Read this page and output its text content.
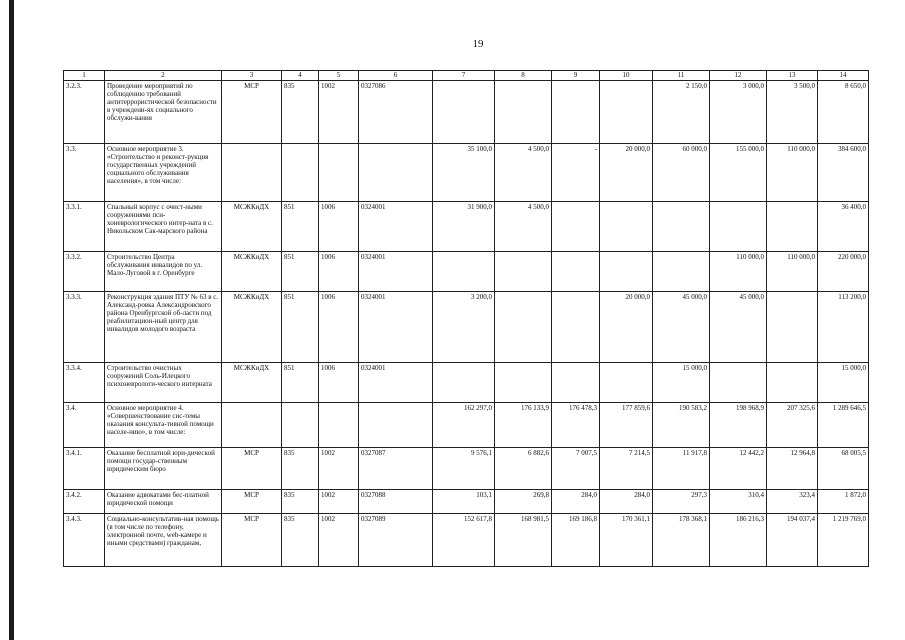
19
1	2	3	4	5	6	7	8	9	10	11	12	13	14
3.2.3.	Проведение мероприятий по соблюдению требований антитеррористической безопасности в учреждени-ях социального обслужи-вания	МСР	835	1002	0327086					2 150,0	3 000,0	3 500,0	8 650,0
3.3.	Основное мероприятие 3. «Строительство и реконст-рукция государственных учреждений социального обслуживания населения», в том числе:					35 100,0	4 500,0	-	20 000,0	60 000,0	155 000,0	110 000,0	384 600,0
3.3.1.	Спальный корпус с очист-ными сооружениями пси-хоневрологического интер-ната в с. Никольском Сак-марского района	МСЖКиДХ	851	1006	0324001	31 900,0	4 500,0						36 400,0
3.3.2.	Строительство Центра обслуживания инвалидов по ул. Мало-Луговой в г. Оренбурге	МСЖКиДХ	851	1006	0324001						110 000,0	110 000,0	220 000,0
3.3.3.	Реконструкция здания ПТУ № 63 в с. Александ-ровка Александровского района Оренбургской об-ласти под реабилитацион-ный центр для инвалидов молодого возраста	МСЖКиДХ	851	1006	0324001	3 200,0			20 000,0	45 000,0	45 000,0		113 200,0
3.3.4.	Строительство очистных сооружений Соль-Илецкого психоневрологи-ческого интерната	МСЖКиДХ	851	1006	0324001					15 000,0			15 000,0
3.4.	Основное мероприятие 4. «Совершенствование сис-темы оказания консульта-тивной помощи населе-нию», в том числе:					162 297,0	176 133,9	176 478,3	177 859,6	190 583,2	198 968,9	207 325,6	1 289 646,5
3.4.1.	Оказание бесплатной юри-дической помощи государ-ственным юридическим бюро	МСР	835	1002	0327087	9 576,1	6 882,6	7 007,5	7 214,5	11 917,8	12 442,2	12 964,8	68 005,5
3.4.2.	Оказание адвокатами бес-платной юридической помощи	МСР	835	1002	0327088	103,1	269,8	284,0	284,0	297,3	310,4	323,4	1 872,0
3.4.3.	Социально-консультатив-ная помощь (в том числе по телефону, электронной почте, web-камере и иными средствами) гражданам,	МСР	835	1002	0327089	152 617,8	168 981,5	169 186,8	170 361,1	178 368,1	186 216,3	194 037,4	1 219 769,0
